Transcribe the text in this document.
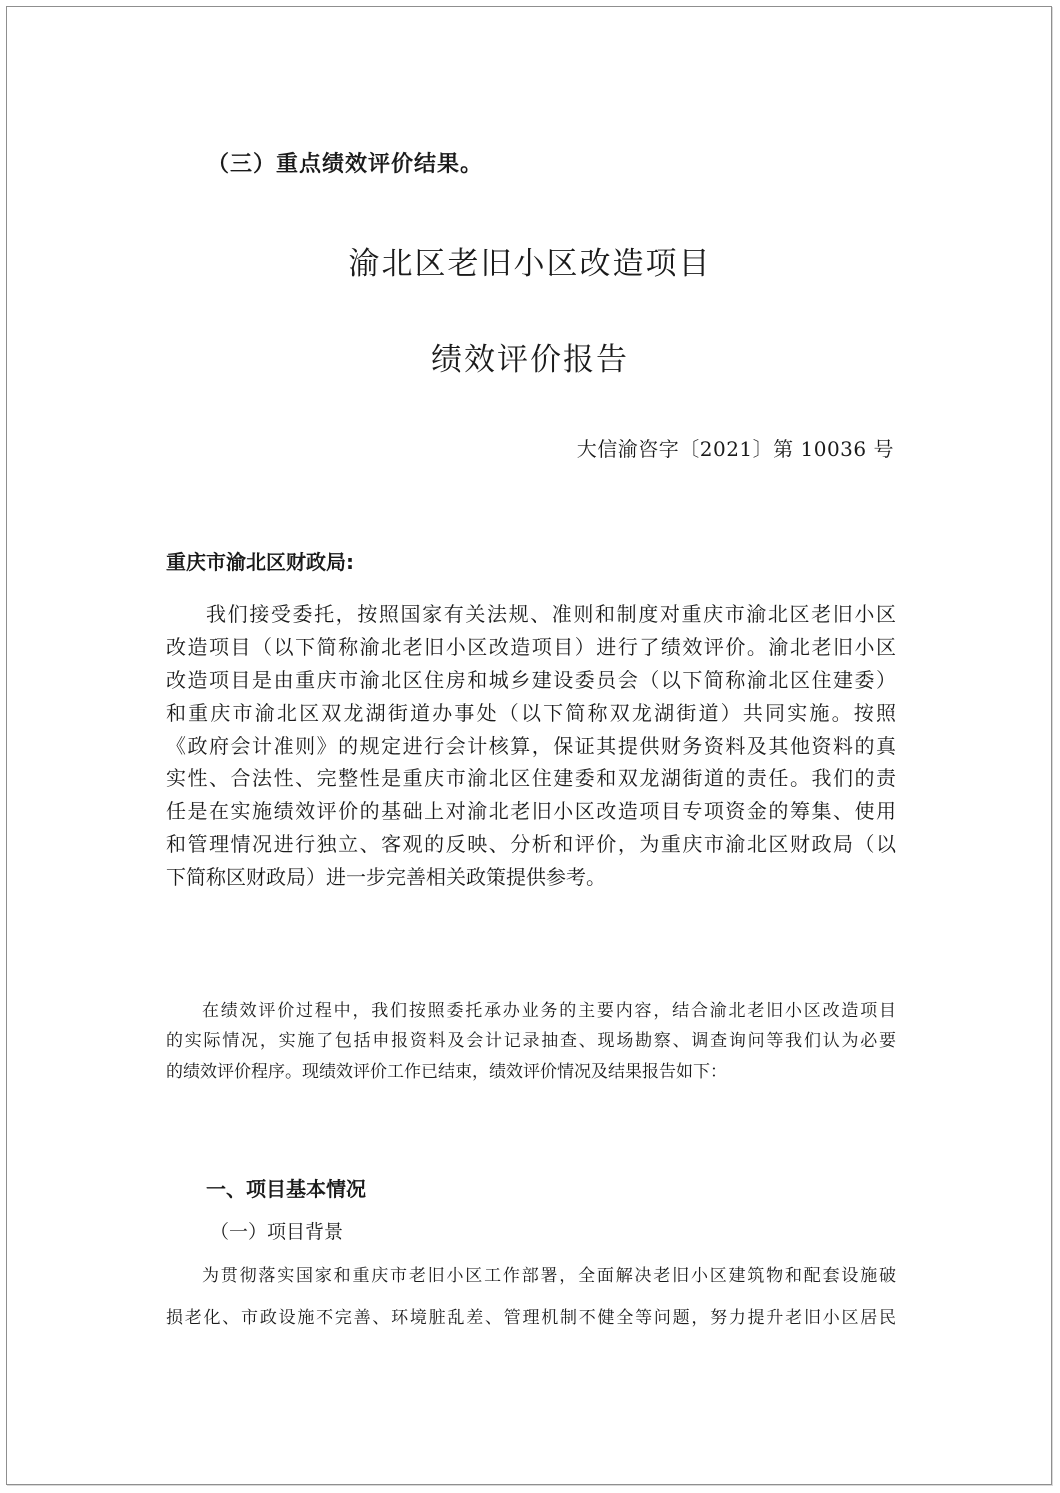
（三）重点绩效评价结果。

渝北区老旧小区改造项目

绩效评价报告

大信渝咨字〔2021〕第 10036 号

重庆市渝北区财政局:

我们接受委托，按照国家有关法规、准则和制度对重庆市渝北区老旧小区
改造项目（以下简称渝北老旧小区改造项目）进行了绩效评价。渝北老旧小区
改造项目是由重庆市渝北区住房和城乡建设委员会（以下简称渝北区住建委）
和重庆市渝北区双龙湖街道办事处（以下简称双龙湖街道）共同实施。按照
《政府会计准则》的规定进行会计核算，保证其提供财务资料及其他资料的真
实性、合法性、完整性是重庆市渝北区住建委和双龙湖街道的责任。我们的责
任是在实施绩效评价的基础上对渝北老旧小区改造项目专项资金的筹集、使用
和管理情况进行独立、客观的反映、分析和评价，为重庆市渝北区财政局（以
下简称区财政局）进一步完善相关政策提供参考。
在绩效评价过程中，我们按照委托承办业务的主要内容，结合渝北老旧小区改造项目
的实际情况，实施了包括申报资料及会计记录抽查、现场勘察、调查询问等我们认为必要
的绩效评价程序。现绩效评价工作已结束，绩效评价情况及结果报告如下：

一、项目基本情况

（一）项目背景

为贯彻落实国家和重庆市老旧小区工作部署，全面解决老旧小区建筑物和配套设施破
损老化、市政设施不完善、环境脏乱差、管理机制不健全等问题，努力提升老旧小区居民
